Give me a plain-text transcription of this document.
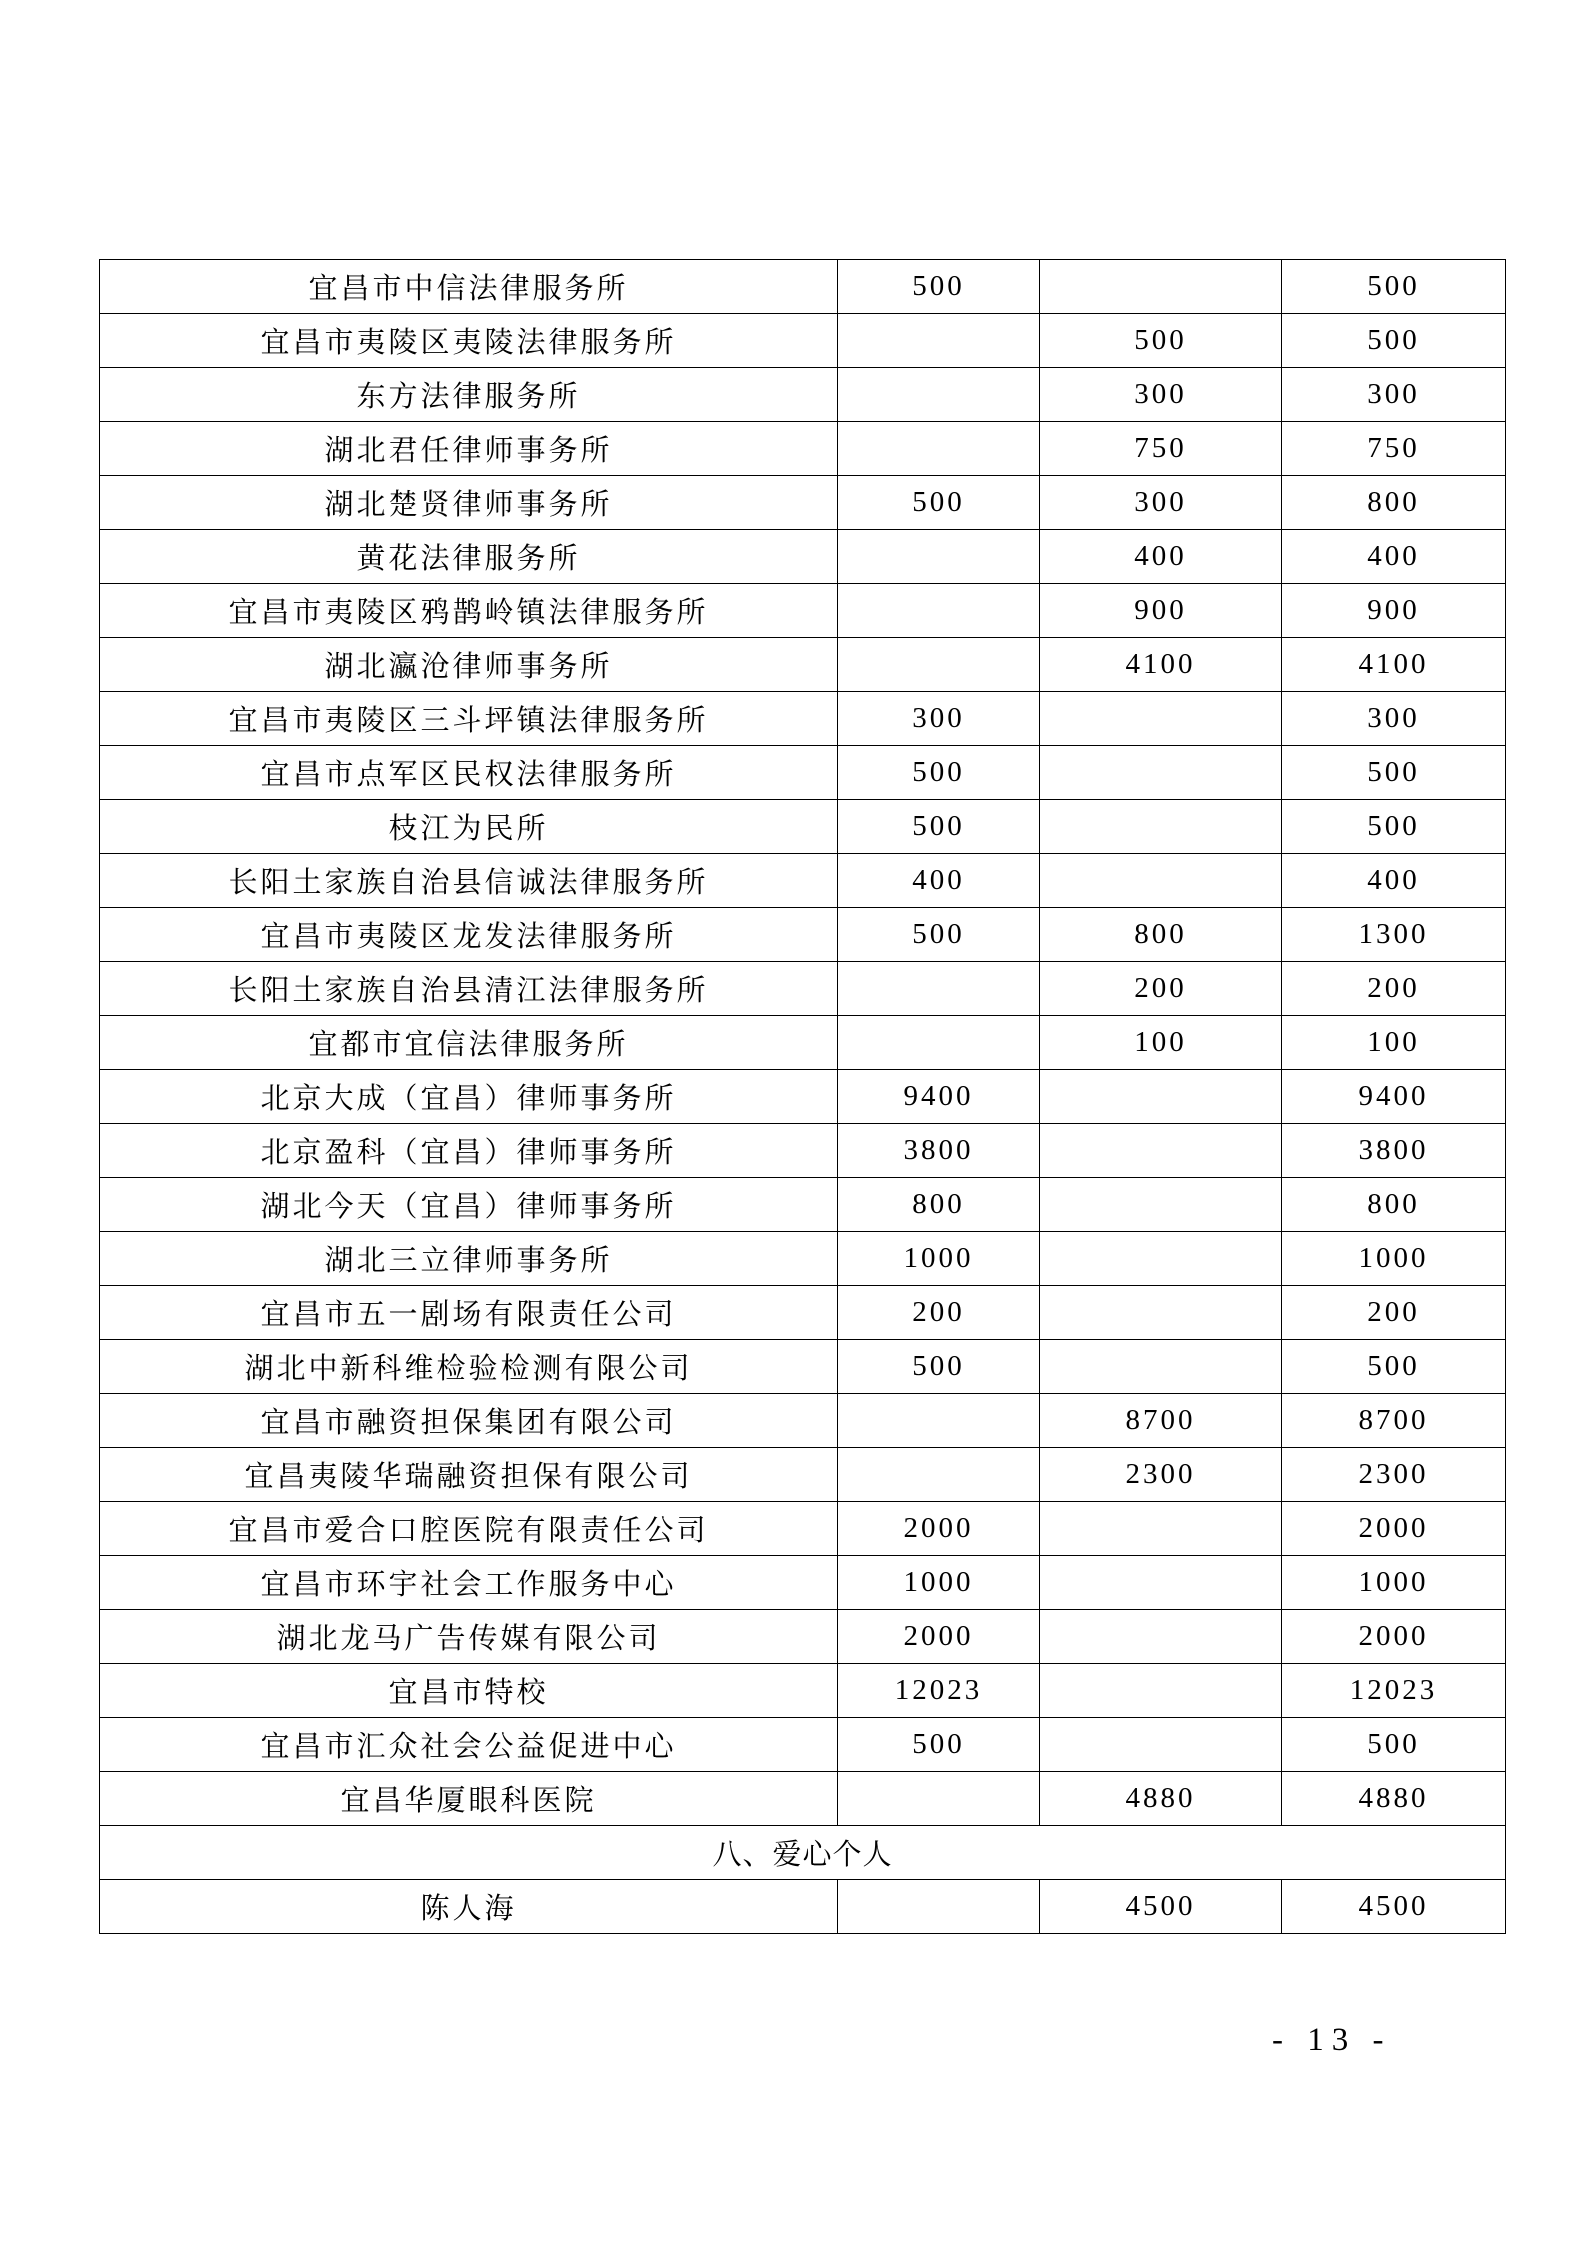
宜昌市中信法律服务所	500		500
宜昌市夷陵区夷陵法律服务所		500	500
东方法律服务所		300	300
湖北君任律师事务所		750	750
湖北楚贤律师事务所	500	300	800
黄花法律服务所		400	400
宜昌市夷陵区鸦鹊岭镇法律服务所		900	900
湖北瀛沧律师事务所		4100	4100
宜昌市夷陵区三斗坪镇法律服务所	300		300
宜昌市点军区民权法律服务所	500		500
枝江为民所	500		500
长阳土家族自治县信诚法律服务所	400		400
宜昌市夷陵区龙发法律服务所	500	800	1300
长阳土家族自治县清江法律服务所		200	200
宜都市宜信法律服务所		100	100
北京大成（宜昌）律师事务所	9400		9400
北京盈科（宜昌）律师事务所	3800		3800
湖北今天（宜昌）律师事务所	800		800
湖北三立律师事务所	1000		1000
宜昌市五一剧场有限责任公司	200		200
湖北中新科维检验检测有限公司	500		500
宜昌市融资担保集团有限公司		8700	8700
宜昌夷陵华瑞融资担保有限公司		2300	2300
宜昌市爱合口腔医院有限责任公司	2000		2000
宜昌市环宇社会工作服务中心	1000		1000
湖北龙马广告传媒有限公司	2000		2000
宜昌市特校	12023		12023
宜昌市汇众社会公益促进中心	500		500
宜昌华厦眼科医院		4880	4880
八、爱心个人			
陈人海		4500	4500
- 13 -
